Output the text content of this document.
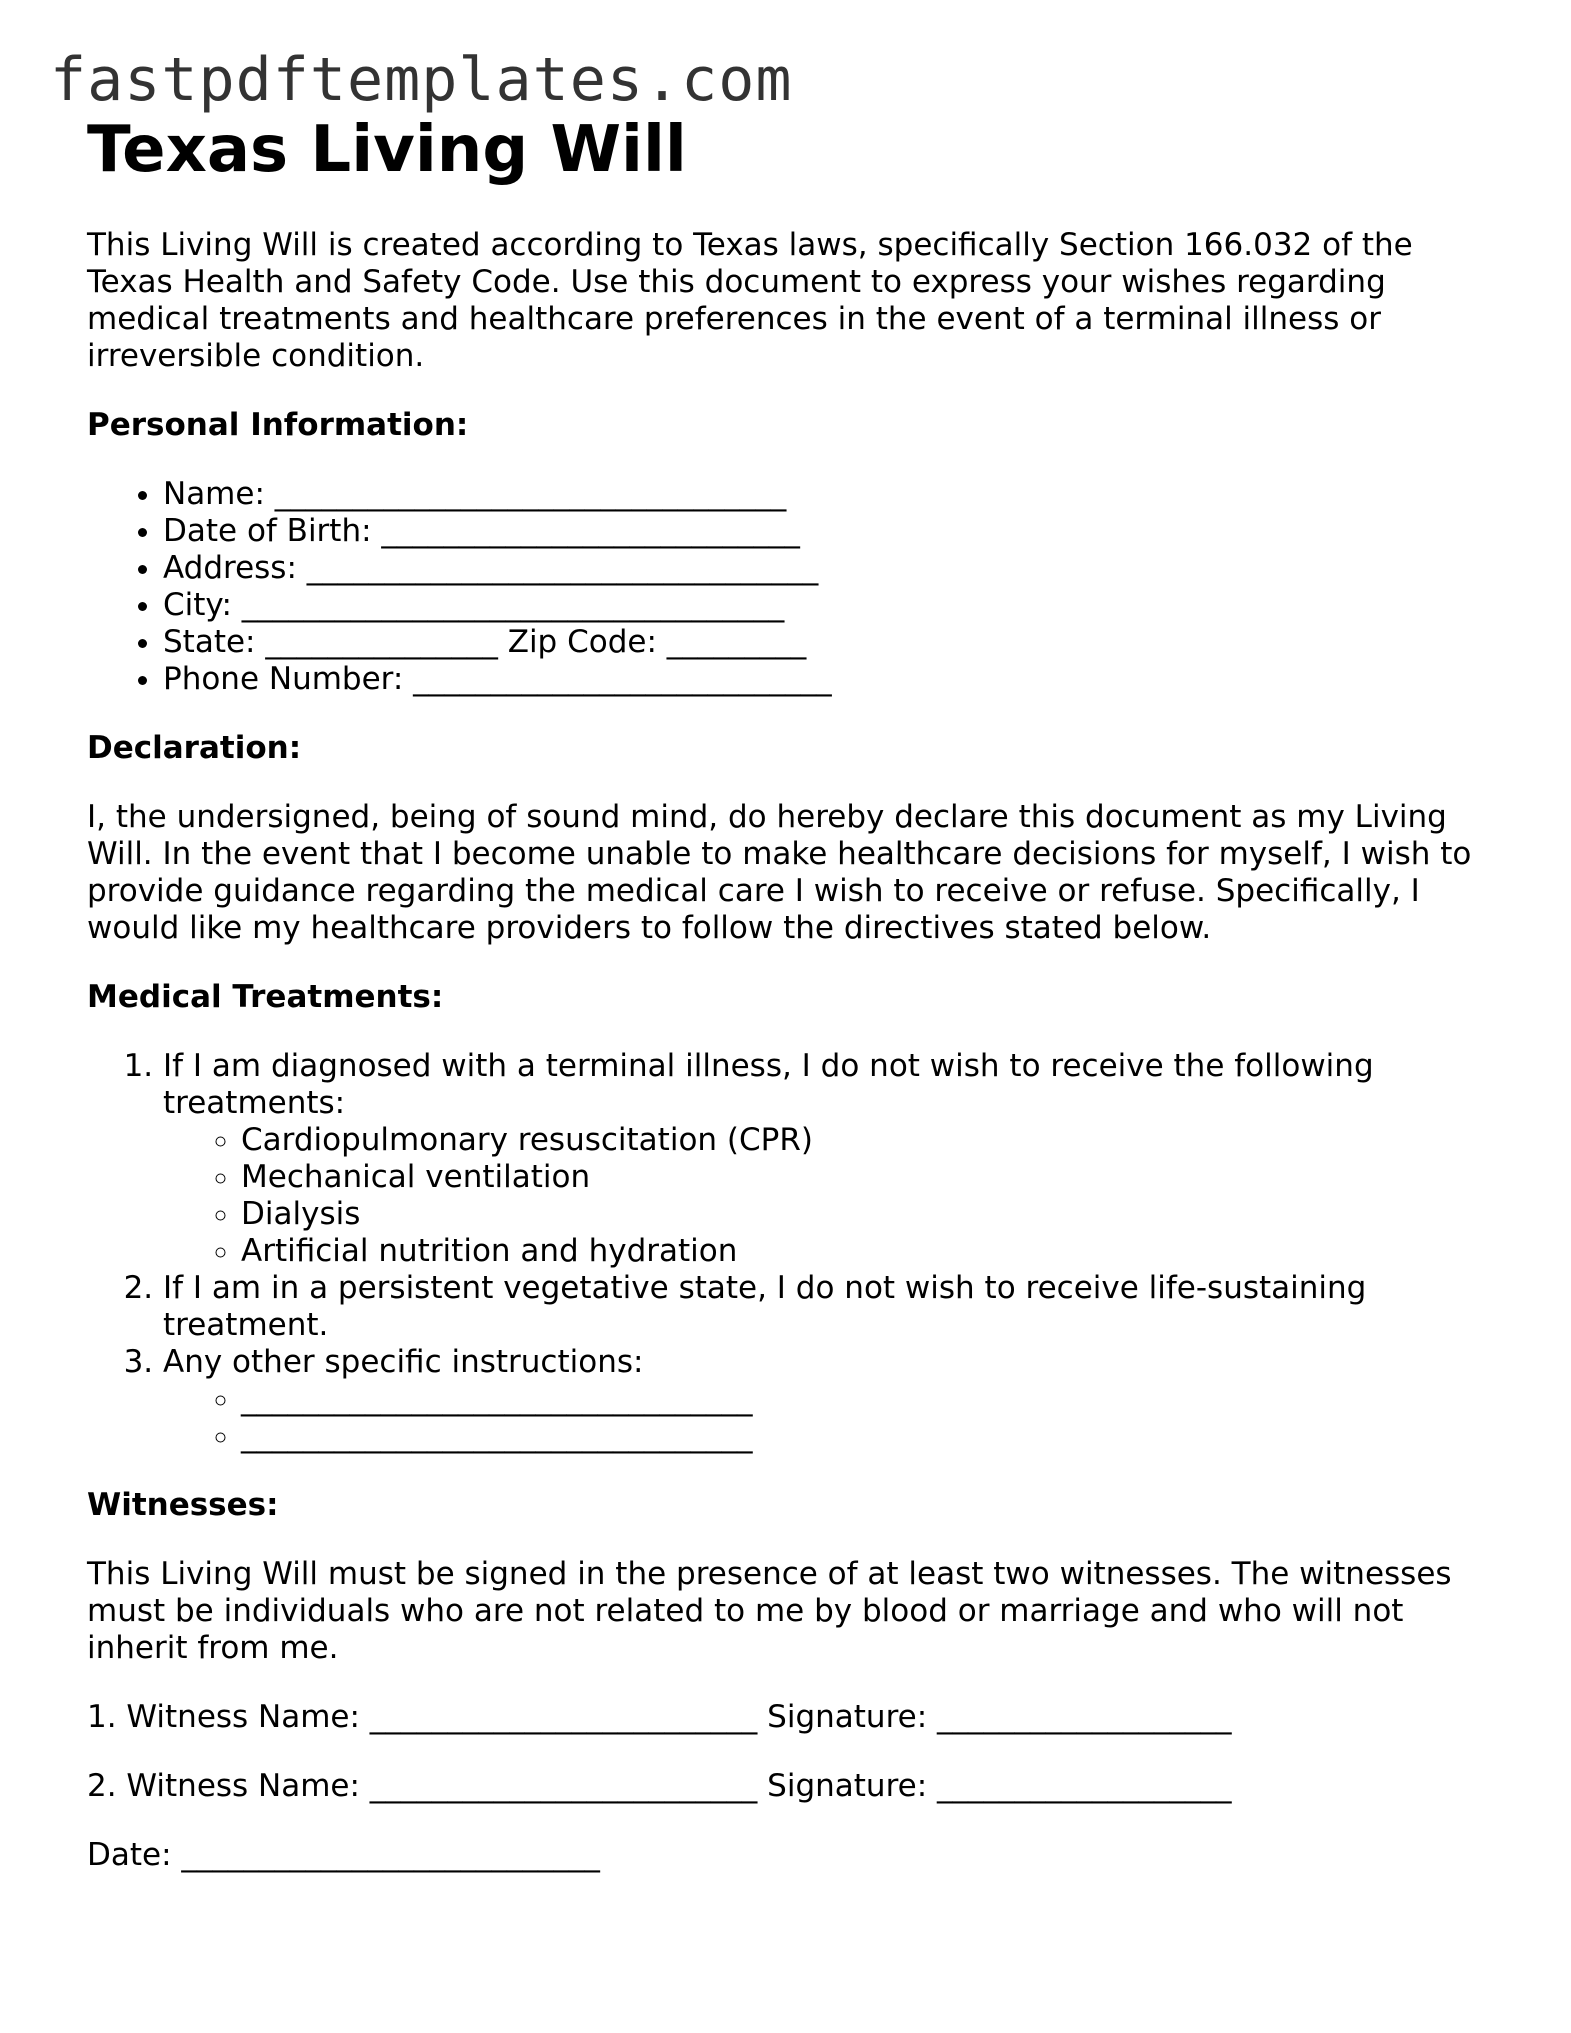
fastpdftemplates.com
Texas Living Will

This Living Will is created according to Texas laws, specifically Section 166.032 of the Texas Health and Safety Code. Use this document to express your wishes regarding medical treatments and healthcare preferences in the event of a terminal illness or irreversible condition.

Personal Information:
• Name: _________________________________
• Date of Birth: ___________________________
• Address: _________________________________
• City: ___________________________________
• State: _______________ Zip Code: _________
• Phone Number: ___________________________
Declaration:

I, the undersigned, being of sound mind, do hereby declare this document as my Living Will. In the event that I become unable to make healthcare decisions for myself, I wish to provide guidance regarding the medical care I wish to receive or refuse. Specifically, I would like my healthcare providers to follow the directives stated below.

Medical Treatments:
1. If I am diagnosed with a terminal illness, I do not wish to receive the following treatments:
◦ Cardiopulmonary resuscitation (CPR)
◦ Mechanical ventilation
◦ Dialysis
◦ Artificial nutrition and hydration
2. If I am in a persistent vegetative state, I do not wish to receive life-sustaining treatment.
3. Any other specific instructions:
◦ _________________________________
◦ _________________________________
Witnesses:

This Living Will must be signed in the presence of at least two witnesses. The witnesses must be individuals who are not related to me by blood or marriage and who will not inherit from me.

1. Witness Name: _________________________ Signature: ___________________
2. Witness Name: _________________________ Signature: ___________________
Date: ___________________________
